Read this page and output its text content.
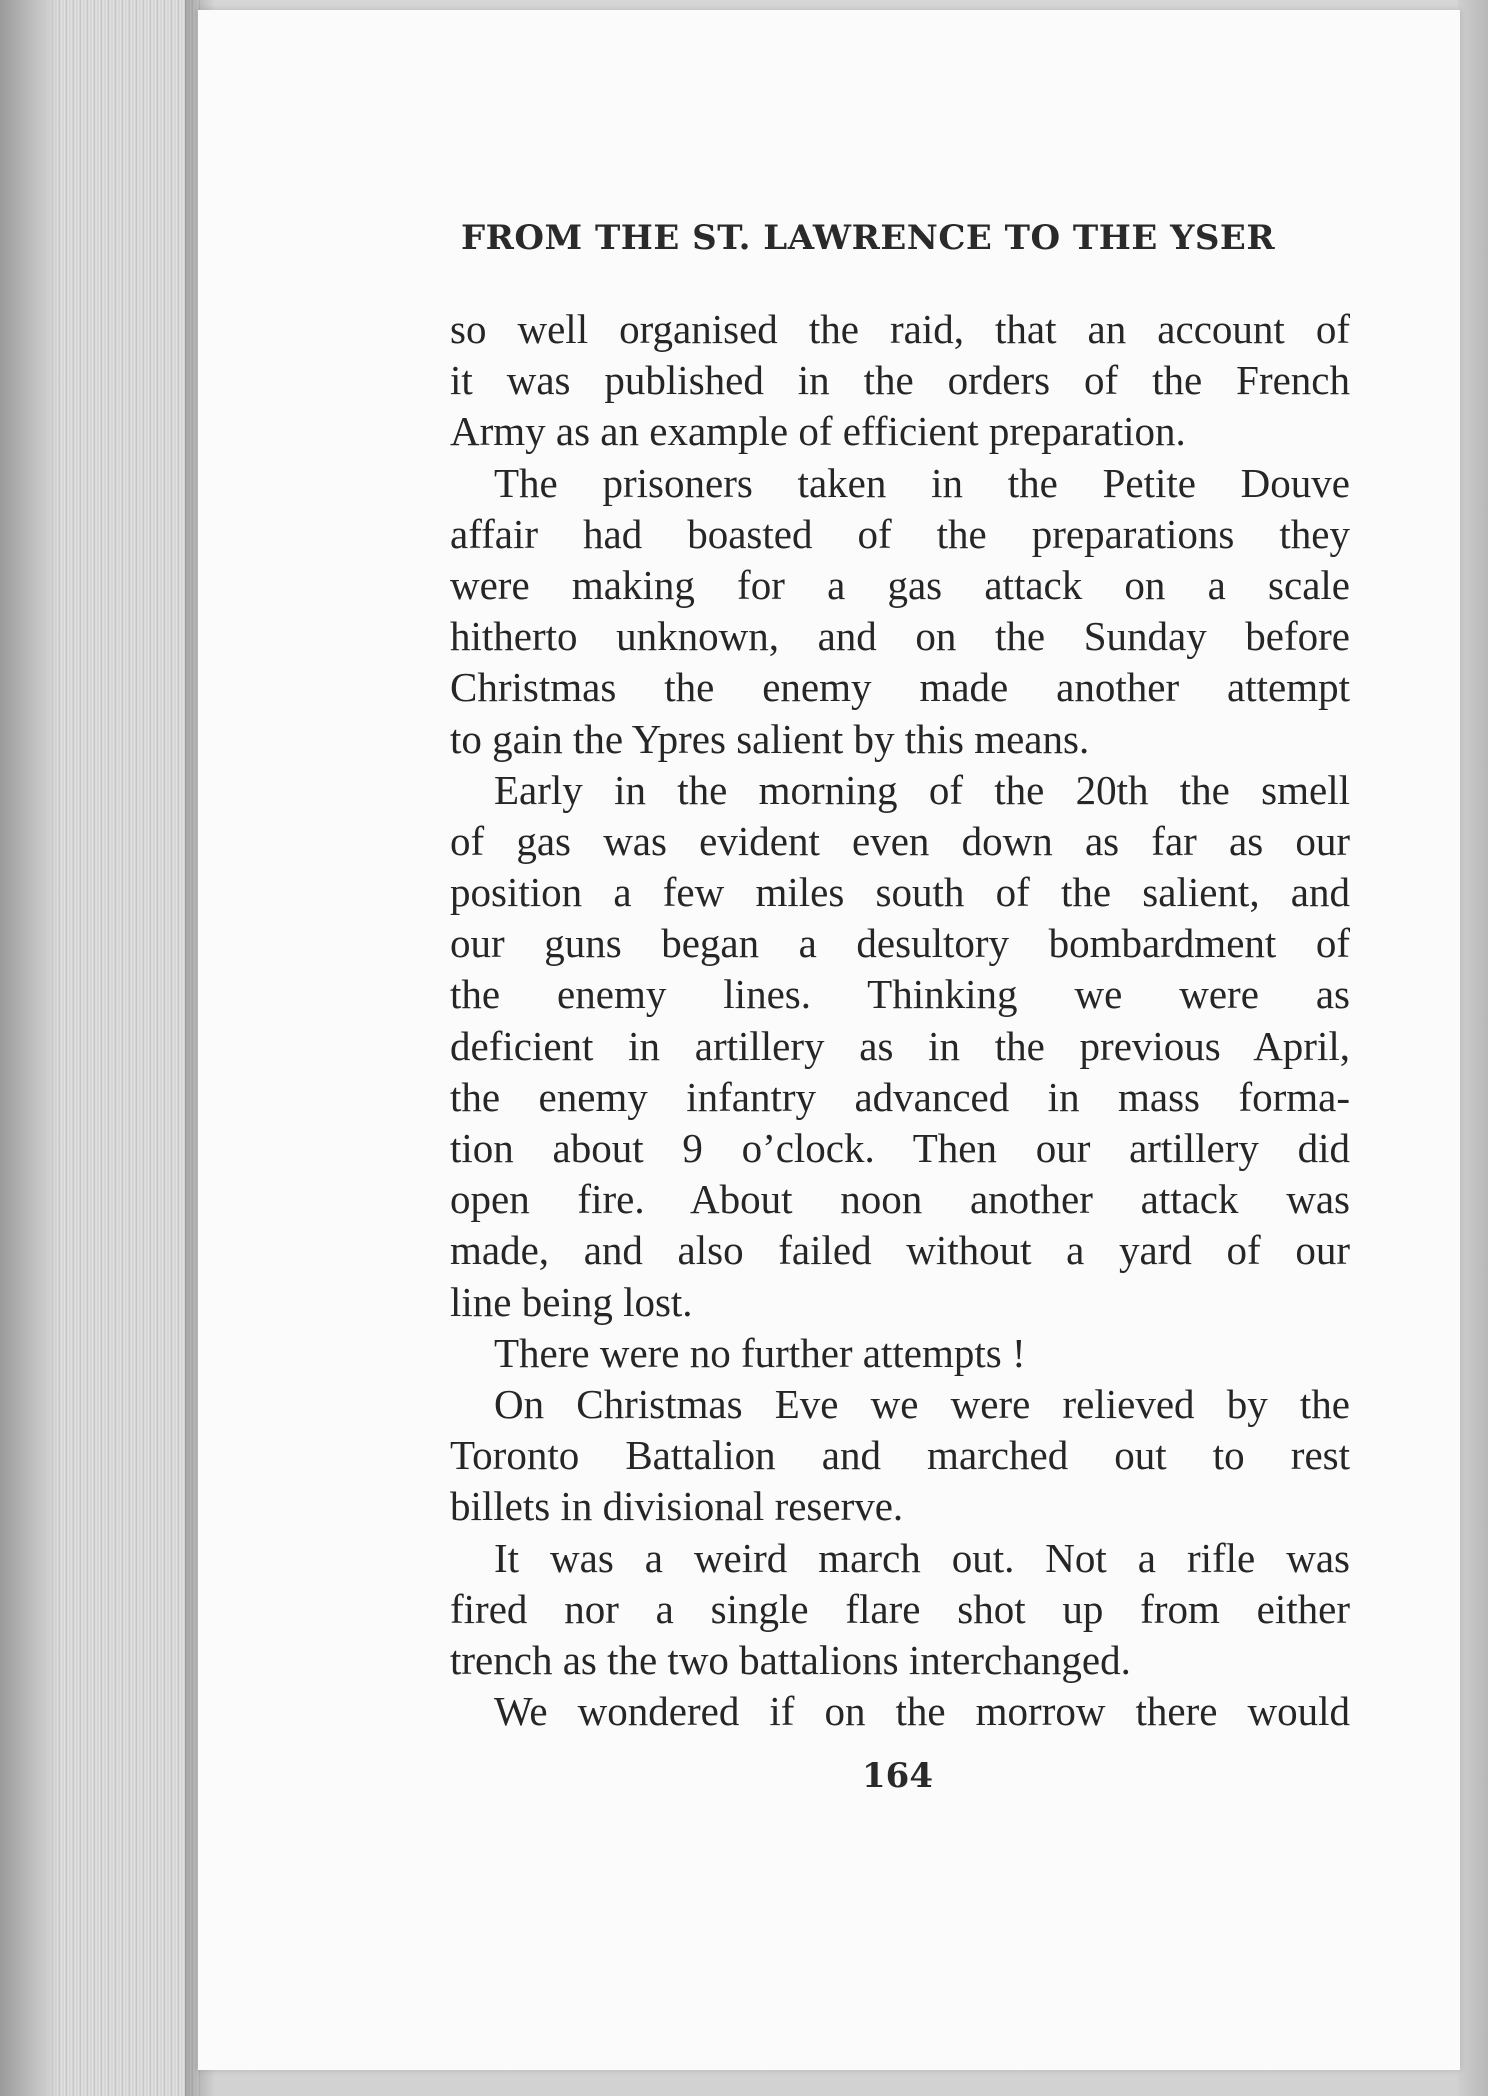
FROM THE ST. LAWRENCE TO THE YSER
so well organised the raid, that an account of
it was published in the orders of the French
Army as an example of efficient preparation.
The prisoners taken in the Petite Douve
affair had boasted of the preparations they
were making for a gas attack on a scale
hitherto unknown, and on the Sunday before
Christmas the enemy made another attempt
to gain the Ypres salient by this means.
Early in the morning of the 20th the smell
of gas was evident even down as far as our
position a few miles south of the salient, and
our guns began a desultory bombardment of
the enemy lines. Thinking we were as
deficient in artillery as in the previous April,
the enemy infantry advanced in mass forma-
tion about 9 o’clock. Then our artillery did
open fire. About noon another attack was
made, and also failed without a yard of our
line being lost.
There were no further attempts !
On Christmas Eve we were relieved by the
Toronto Battalion and marched out to rest
billets in divisional reserve.
It was a weird march out. Not a rifle was
fired nor a single flare shot up from either
trench as the two battalions interchanged.
We wondered if on the morrow there would

164
